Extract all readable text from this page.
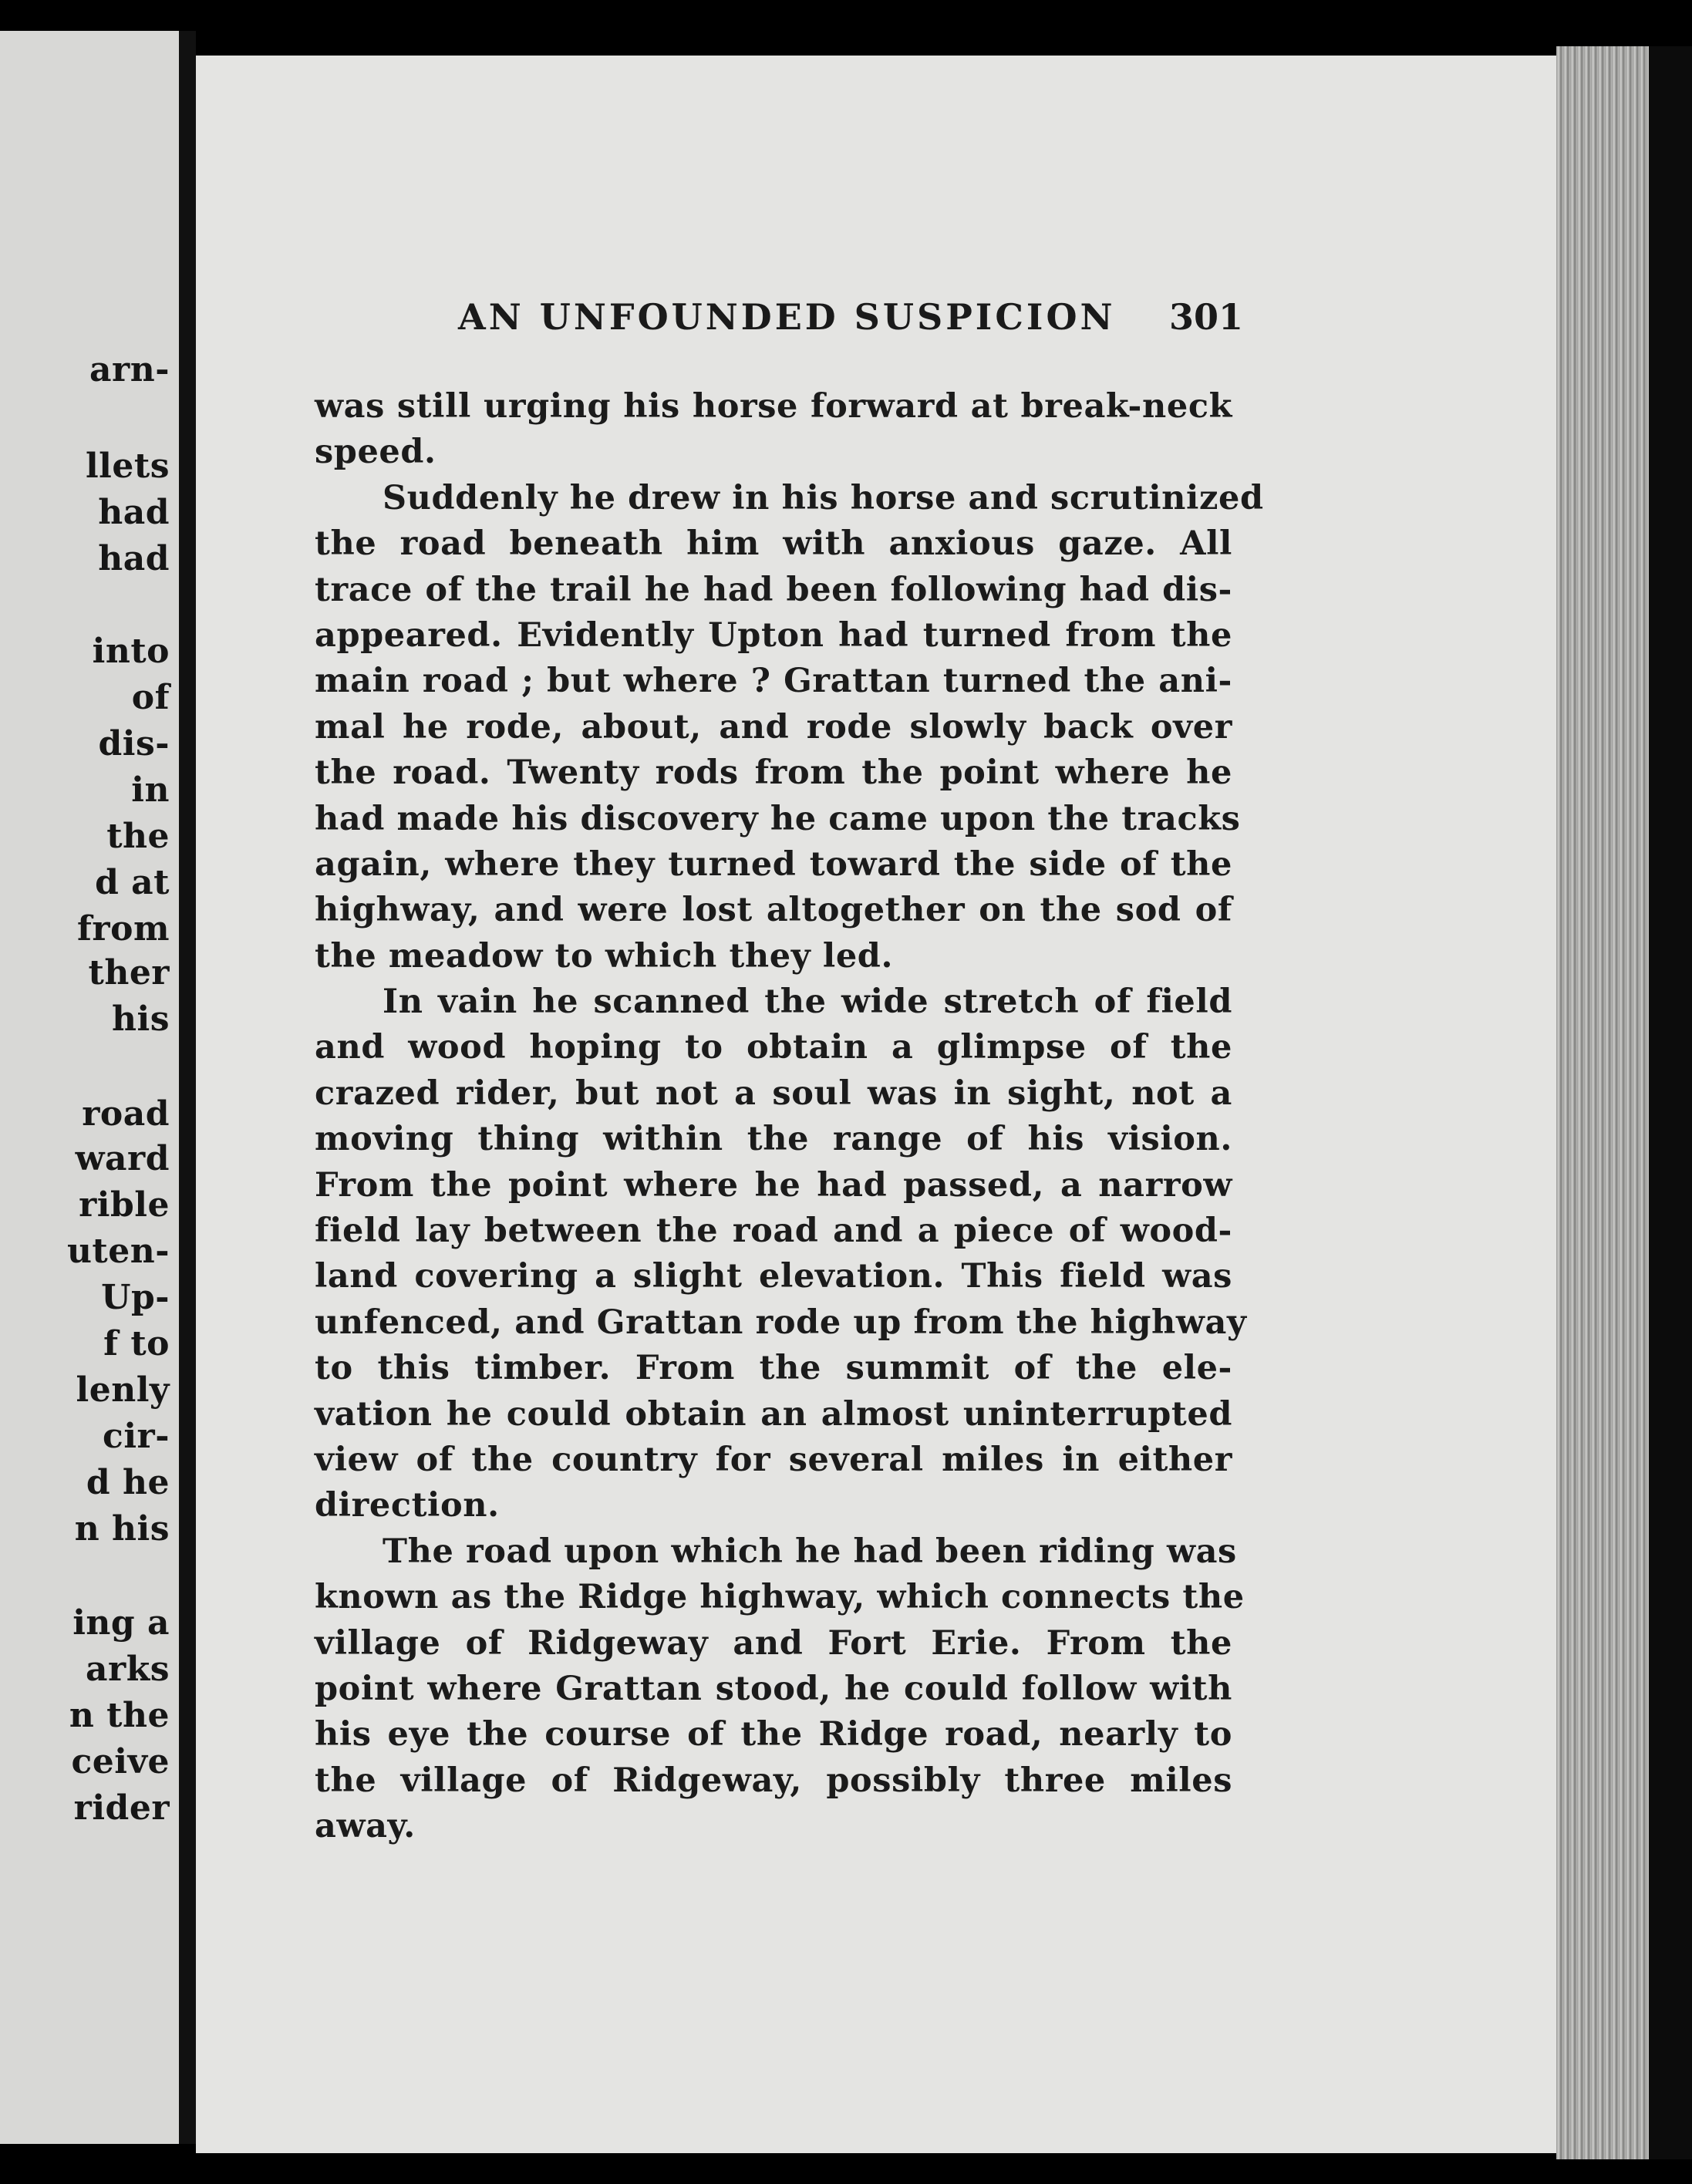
arn-
llets
had
had
into
of
dis-
in
the
d at
from
ther
his
road
ward
rible
uten-
Up-
f to
lenly
cir-
d he
n his
ing a
arks
n the
ceive
rider
AN UNFOUNDED SUSPICION	301
was still urging his horse forward at break-neck
speed.
Suddenly he drew in his horse and scrutinized
the road beneath him with anxious gaze. All
trace of the trail he had been following had dis-
appeared. Evidently Upton had turned from the
main road ; but where ? Grattan turned the ani-
mal he rode, about, and rode slowly back over
the road. Twenty rods from the point where he
had made his discovery he came upon the tracks
again, where they turned toward the side of the
highway, and were lost altogether on the sod of
the meadow to which they led.
In vain he scanned the wide stretch of field
and wood hoping to obtain a glimpse of the
crazed rider, but not a soul was in sight, not a
moving thing within the range of his vision.
From the point where he had passed, a narrow
field lay between the road and a piece of wood-
land covering a slight elevation. This field was
unfenced, and Grattan rode up from the highway
to this timber. From the summit of the ele-
vation he could obtain an almost uninterrupted
view of the country for several miles in either
direction.
The road upon which he had been riding was
known as the Ridge highway, which connects the
village of Ridgeway and Fort Erie. From the
point where Grattan stood, he could follow with
his eye the course of the Ridge road, nearly to
the village of Ridgeway, possibly three miles
away.
